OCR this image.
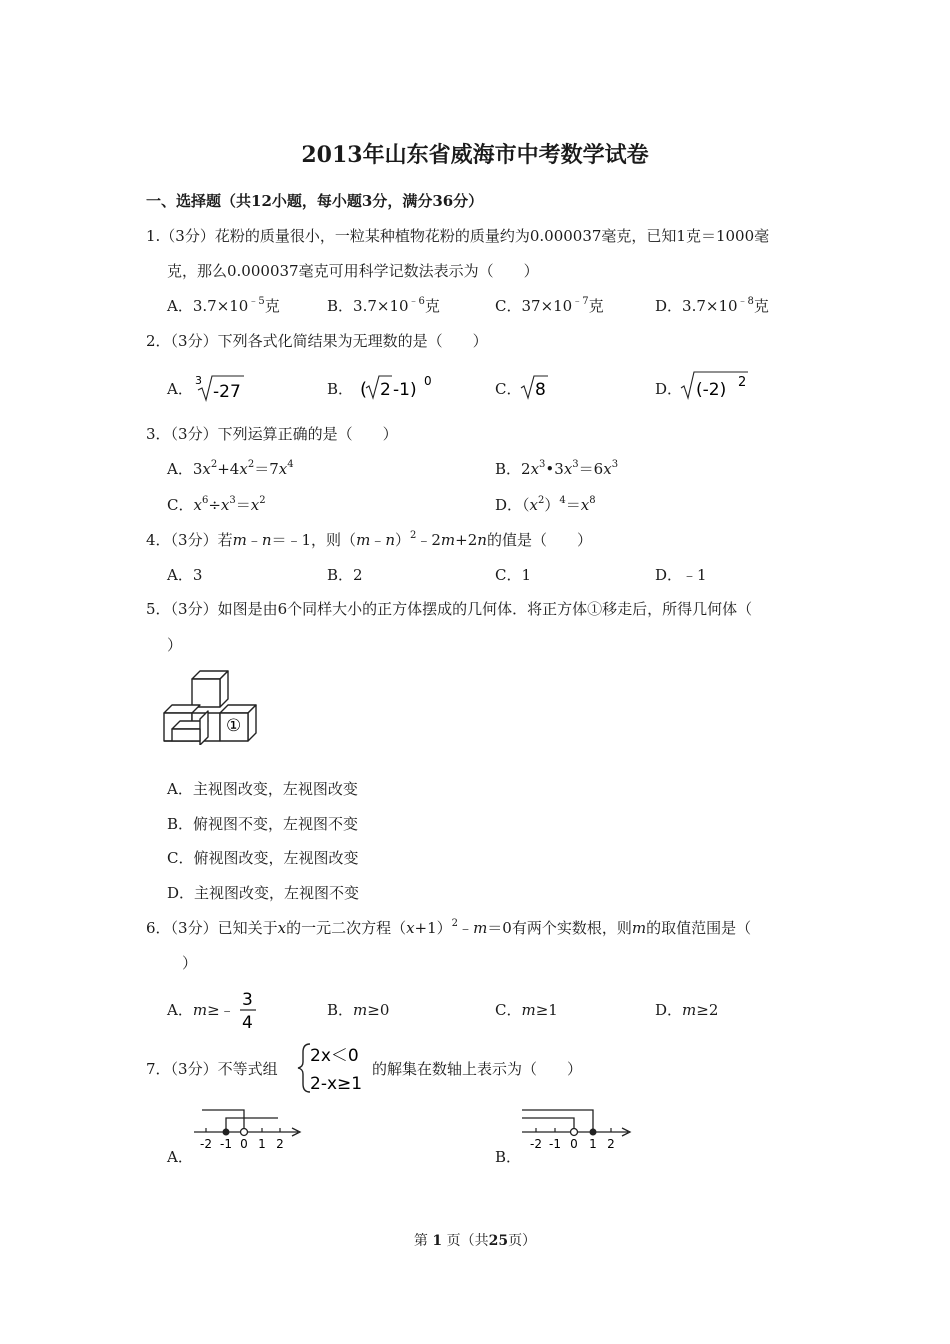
2013年山东省威海市中考数学试卷
一、选择题（共12小题，每小题3分，满分36分）
1.（3分）花粉的质量很小，一粒某种植物花粉的质量约为0.000037毫克，已知1克＝1000毫
克，那么0.000037毫克可用科学记数法表示为（　　）
A．$3.7\times 10^{﹣5}$克	B．$3.7\times 10^{﹣6}$克	C．$37\times 10^{﹣7}$克	D．$3.7\times 10^{﹣8}$克
2．（3分）下列各式化简结果为无理数的是（　　）
A． 3
-27	B． ( 2 -1) 0	C． 8	D． (-2) 2
3．（3分）下列运算正确的是（　　）
A．$3x^2+4x^2=7x^4$	B．$2x^3•3x^3=6x^3$
C．$x^6\div x^3=x^2$	D．$(x^2)^4=x^8$
4．（3分）若m﹣n＝﹣1，则（m﹣n）$^2$﹣2m+2n的值是（　　）
A．3	B．2	C．1	D．﹣1
5．（3分）如图是由6个同样大小的正方体摆成的几何体．将正方体①移走后，所得几何体（
）
①
A．主视图改变，左视图改变
B．俯视图不变，左视图不变
C．俯视图改变，左视图改变
D．主视图改变，左视图不变
6．（3分）已知关于x的一元二次方程$(x+1)^2﹣m=0$有两个实数根，则m的取值范围是（
）
A．m≥﹣ 3
4
B．m≥0	C．m≥1	D．m≥2
7．（3分）不等式组
2x＜0
2-x≥1
的解集在数轴上表示为（　　）
A．
-2 -1 0 1 2
B．
-2 -1 0 1 2
第 1 页（共25页）
